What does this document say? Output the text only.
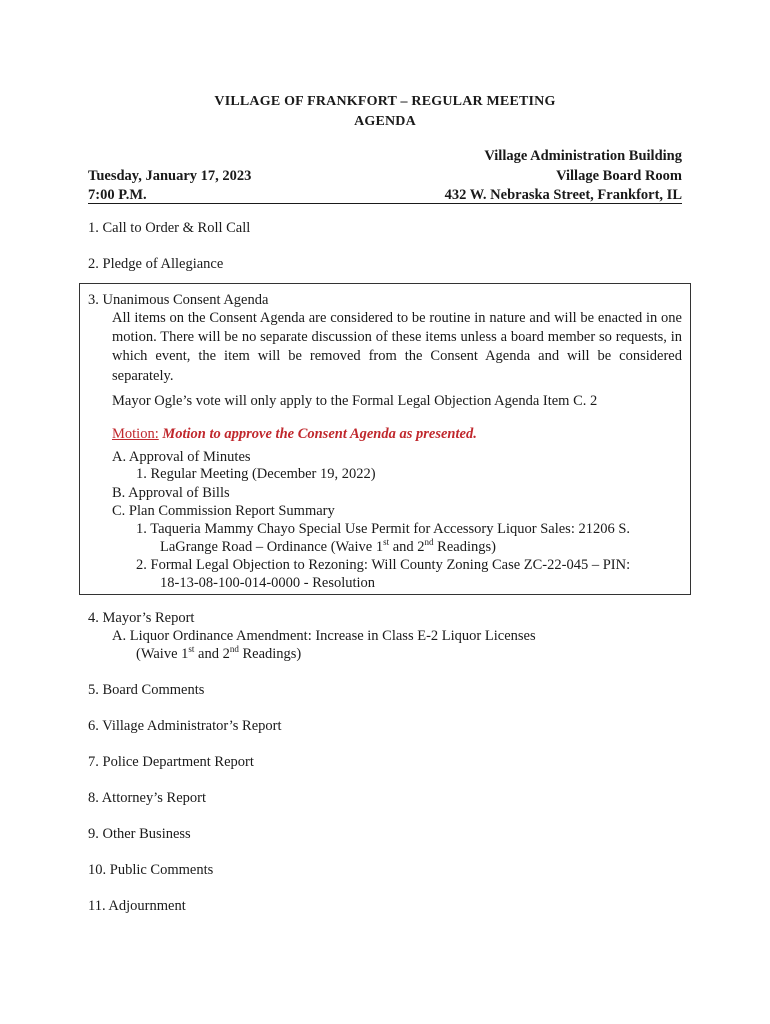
VILLAGE OF FRANKFORT – REGULAR MEETING
AGENDA
Tuesday, January 17, 2023
7:00 P.M.
Village Administration Building
Village Board Room
432 W. Nebraska Street, Frankfort, IL
1. Call to Order & Roll Call
2. Pledge of Allegiance
3. Unanimous Consent Agenda
All items on the Consent Agenda are considered to be routine in nature and will be enacted in one motion. There will be no separate discussion of these items unless a board member so requests, in which event, the item will be removed from the Consent Agenda and will be considered separately.
Mayor Ogle’s vote will only apply to the Formal Legal Objection Agenda Item C. 2
Motion: Motion to approve the Consent Agenda as presented.
A. Approval of Minutes
1. Regular Meeting (December 19, 2022)
B. Approval of Bills
C. Plan Commission Report Summary
1. Taqueria Mammy Chayo Special Use Permit for Accessory Liquor Sales: 21206 S.
LaGrange Road – Ordinance (Waive 1st and 2nd Readings)
2. Formal Legal Objection to Rezoning: Will County Zoning Case ZC-22-045 – PIN:
18-13-08-100-014-0000 - Resolution
4. Mayor’s Report
A. Liquor Ordinance Amendment: Increase in Class E-2 Liquor Licenses
(Waive 1st and 2nd Readings)
5. Board Comments
6. Village Administrator’s Report
7. Police Department Report
8. Attorney’s Report
9. Other Business
10. Public Comments
11. Adjournment
